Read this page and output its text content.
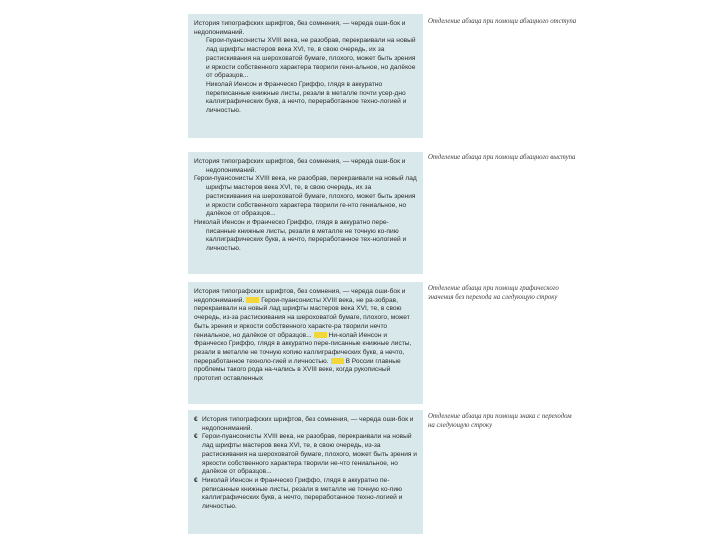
История типографских шрифтов, без сомнения, — череда оши-бок и недопониманий.

Герои-пуансонисты XVIII века, не разобрав, перекраивали на новый лад шрифты мастеров века XVI, те, в свою очередь, их за растискивания на шероховатой бумаге, плохого, может быть зрения и яркости собственного характера творили гени-альное, но далёкое от образцов...

Николай Иенсон и Франческо Гриффо, глядя в аккуратно переписанные книжные листы, резали в металле почти усер-дно каллиграфических букв, а нечто, переработанное техно-логией и личностью.

Отделение абзаца при помощи абзацного отступа

История типографских шрифтов, без сомнения, — череда оши-бок и недопониманий.

Герои-пуансонисты XVIII века, не разобрав, перекраивали на новый лад шрифты мастеров века XVI, те, в свою очередь, их за растискивания на шероховатой бумаге, плохого, может быть зрения и яркости собственного характера творили ге-нто гениальное, но далёкое от образцов...

Николай Иенсон и Франческо Гриффо, глядя в аккуратно пере-писанные книжные листы, резали в металле не точную ко-пию каллиграфических букв, а нечто, переработанное тех-нологией и личностью.

Отделение абзаца при помощи абзацного выступа

История типографских шрифтов, без сомнения, — череда оши-бок и недопониманий.	Герои-пуансонисты XVIII века, не ра-зобрав, перекраивали на новый лад шрифты мастеров века XVI, те, в свою очередь, из-за растискивания на шероховатой бумаге, плохого, может быть зрения и яркости собственного характе-ра творили нечто гениальное, но далёкое от образцов...	Ни-колай Иенсон и Франческо Гриффо, глядя в аккуратно пере-писанные книжные листы, резали в металле не точную копию каллиграфических букв, а нечто, переработанное техноло-гией и личностью.	В России главные проблемы такого рода на-чались в XVIII веке, когда рукописный прототип оставленных

Отделение абзаца при помощи графического значения без перехода на следующую строку
€ История типографских шрифтов, без сомнения, — череда оши-бок и недопониманий.

€ Герои-пуансонисты XVIII века, не разобрав, перекраивали на новый лад шрифты мастеров века XVI, те, в свою очередь, из-за растискивания на шероховатой бумаге, плохого, может быть зрения и яркости собственного характера творили не-что гениальное, но далёкое от образцов...

€ Николай Иенсон и Франческо Гриффо, глядя в аккуратно пе-реписанные книжные листы, резали в металле не точную ко-пию каллиграфических букв, а нечто, переработанное техно-логией и личностью.

Отделение абзаца при помощи знака с переходом на следующую строку
